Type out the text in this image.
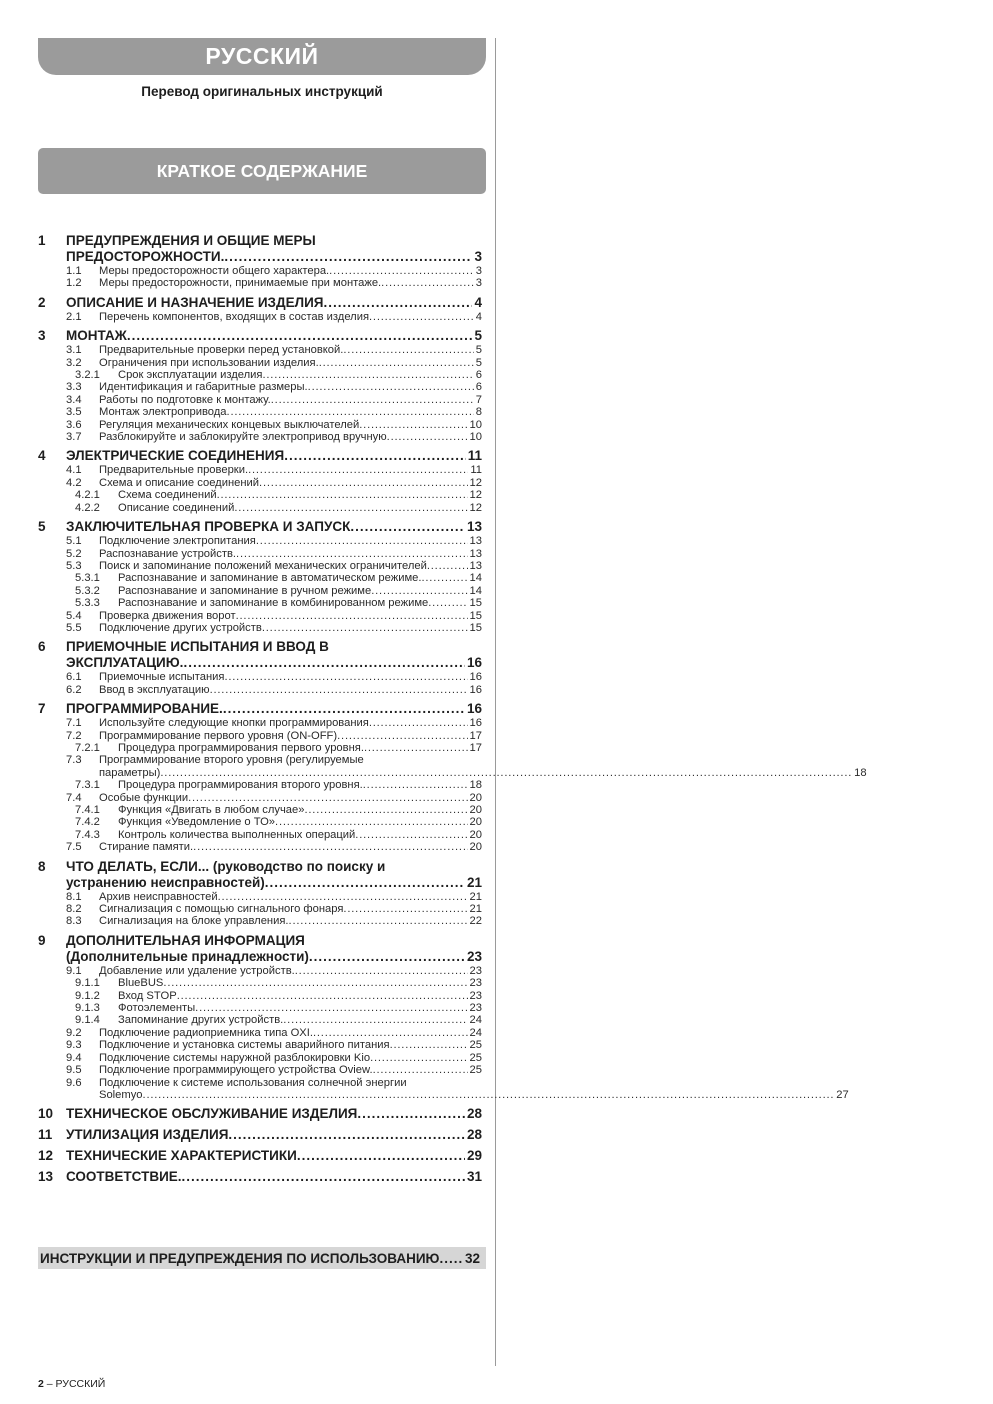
РУССКИЙ
Перевод оригинальных инструкций
КРАТКОЕ СОДЕРЖАНИЕ
1	ПРЕДУПРЕЖДЕНИЯ И ОБЩИЕ МЕРЫ
ПРЕДОСТОРОЖНОСТИ. .....	3
1.1	Меры предосторожности общего характера. .....	3
1.2	Меры предосторожности, принимаемые при монтаже. .....	3
2	ОПИСАНИЕ И НАЗНАЧЕНИЕ ИЗДЕЛИЯ .....	4
2.1	Перечень компонентов, входящих в состав изделия .....	4
3	МОНТАЖ .....	5
3.1	Предварительные проверки перед установкой. .....	5
3.2	Ограничения при использовании изделия. .....	5
3.2.1	Срок эксплуатации изделия .....	6
3.3	Идентификация и габаритные размеры. .....	6
3.4	Работы по подготовке к монтажу. .....	7
3.5	Монтаж электропривода .....	8
3.6	Регуляция механических концевых выключателей .....	10
3.7	Разблокируйте и заблокируйте электропривод вручную .....	10
4	ЭЛЕКТРИЧЕСКИЕ СОЕДИНЕНИЯ .....	11
4.1	Предварительные проверки. .....	11
4.2	Схема и описание соединений .....	12
4.2.1	Схема соединений .....	12
4.2.2	Описание соединений .....	12
5	ЗАКЛЮЧИТЕЛЬНАЯ ПРОВЕРКА И ЗАПУСК .....	13
5.1	Подключение электропитания .....	13
5.2	Распознавание устройств. .....	13
5.3	Поиск и запоминание положений механических ограничителей .....	13
5.3.1	Распознавание и запоминание в автоматическом режиме. .....	14
5.3.2	Распознавание и запоминание в ручном режиме .....	14
5.3.3	Распознавание и запоминание в комбинированном режиме .....	15
5.4	Проверка движения ворот .....	15
5.5	Подключение других устройств .....	15
6	ПРИЕМОЧНЫЕ ИСПЫТАНИЯ И ВВОД В
ЭКСПЛУАТАЦИЮ. .....	16
6.1	Приемочные испытания .....	16
6.2	Ввод в эксплуатацию .....	16
7	ПРОГРАММИРОВАНИЕ. .....	16
7.1	Используйте следующие кнопки программирования .....	16
7.2	Программирование первого уровня (ON-OFF) .....	17
7.2.1	Процедура программирования первого уровня. .....	17
7.3	Программирование второго уровня (регулируемые
параметры) .....	18
7.3.1	Процедура программирования второго уровня. .....	18
7.4	Особые функции .....	20
7.4.1	Функция «Двигать в любом случае» .....	20
7.4.2	Функция «Уведомление о ТО» .....	20
7.4.3	Контроль количества выполненных операций .....	20
7.5	Стирание памяти. .....	20
8	ЧТО ДЕЛАТЬ, ЕСЛИ... (руководство по поиску и
устранению неисправностей) .....	21
8.1	Архив неисправностей .....	21
8.2	Сигнализация с помощью сигнального фонаря .....	21
8.3	Сигнализация на блоке управления. .....	22
9	ДОПОЛНИТЕЛЬНАЯ ИНФОРМАЦИЯ
(Дополнительные принадлежности) .....	23
9.1	Добавление или удаление устройств. .....	23
9.1.1	BlueBUS .....	23
9.1.2	Вход STOP .....	23
9.1.3	Фотоэлементы .....	23
9.1.4	Запоминание других устройств. .....	24
9.2	Подключение радиоприемника типа OXI. .....	24
9.3	Подключение и установка системы аварийного питания .....	25
9.4	Подключение системы наружной разблокировки Kio .....	25
9.5	Подключение программирующего устройства Oview. .....	25
9.6	Подключение к системе использования солнечной энергии
Solemyo .....	27
10 ТЕХНИЧЕСКОЕ ОБСЛУЖИВАНИЕ ИЗДЕЛИЯ .....	28
11	УТИЛИЗАЦИЯ ИЗДЕЛИЯ .....	28
12 ТЕХНИЧЕСКИЕ ХАРАКТЕРИСТИКИ .....	29
13 СООТВЕТСТВИЕ. .....	31
ИНСТРУКЦИИ И ПРЕДУПРЕЖДЕНИЯ ПО ИСПОЛЬЗОВАНИЮ ..... 32
2 – РУССКИЙ
